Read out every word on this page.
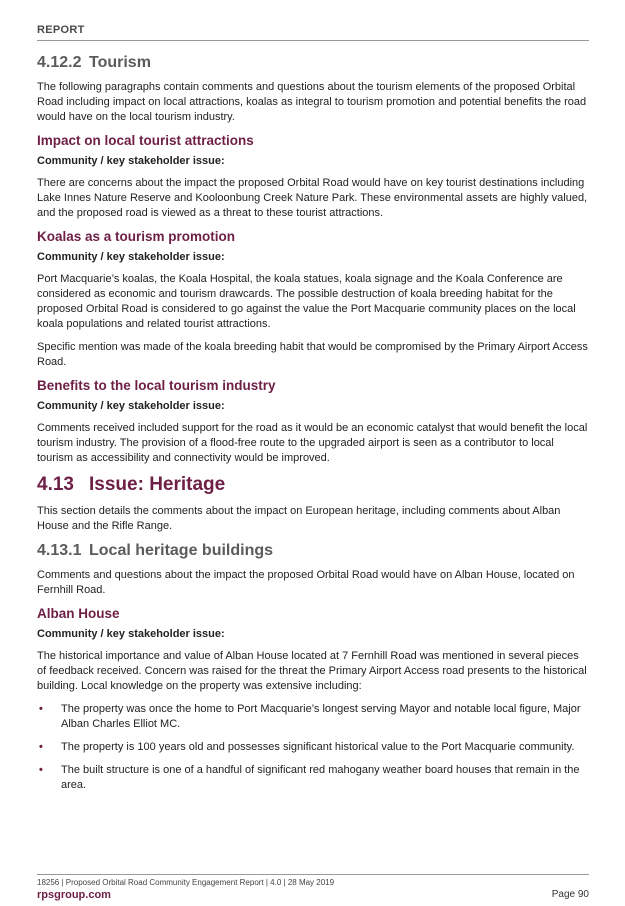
REPORT
4.12.2 Tourism

The following paragraphs contain comments and questions about the tourism elements of the proposed Orbital Road including impact on local attractions, koalas as integral to tourism promotion and potential benefits the road would have on the local tourism industry.

Impact on local tourist attractions

Community / key stakeholder issue:

There are concerns about the impact the proposed Orbital Road would have on key tourist destinations including Lake Innes Nature Reserve and Kooloonbung Creek Nature Park. These environmental assets are highly valued, and the proposed road is viewed as a threat to these tourist attractions.

Koalas as a tourism promotion

Community / key stakeholder issue:

Port Macquarie’s koalas, the Koala Hospital, the koala statues, koala signage and the Koala Conference are considered as economic and tourism drawcards. The possible destruction of koala breeding habitat for the proposed Orbital Road is considered to go against the value the Port Macquarie community places on the local koala populations and related tourist attractions.

Specific mention was made of the koala breeding habit that would be compromised by the Primary Airport Access Road.

Benefits to the local tourism industry

Community / key stakeholder issue:

Comments received included support for the road as it would be an economic catalyst that would benefit the local tourism industry. The provision of a flood-free route to the upgraded airport is seen as a contributor to local tourism as accessibility and connectivity would be improved.

4.13 Issue: Heritage

This section details the comments about the impact on European heritage, including comments about Alban House and the Rifle Range.

4.13.1 Local heritage buildings

Comments and questions about the impact the proposed Orbital Road would have on Alban House, located on Fernhill Road.

Alban House

Community / key stakeholder issue:

The historical importance and value of Alban House located at 7 Fernhill Road was mentioned in several pieces of feedback received. Concern was raised for the threat the Primary Airport Access road presents to the historical building. Local knowledge on the property was extensive including:

• The property was once the home to Port Macquarie’s longest serving Mayor and notable local figure, Major Alban Charles Elliot MC.
• The property is 100 years old and possesses significant historical value to the Port Macquarie community.
• The built structure is one of a handful of significant red mahogany weather board houses that remain in the area.
18256 | Proposed Orbital Road Community Engagement Report | 4.0 | 28 May 2019
rpsgroup.com	Page 90
